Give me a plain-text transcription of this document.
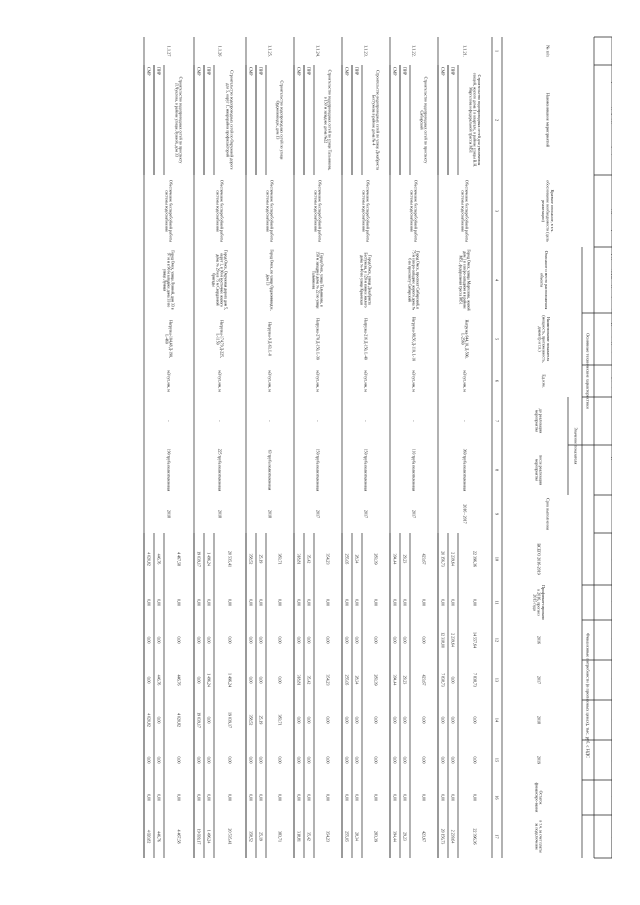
№ п/п
Наименование мероприятий
Краткое описание, в т.ч.обоснование необходимости (цельреализации)
Основные технические характеристики
Описание и место расположенияобъекта
Наименование показателя(мощность, протяженность,диаметр и т.п.)
Ед.изм.
Значение показателя
до реализациимероприятия
после реализациимероприятия
Срок выполнения
Финансовые потребности (в прогнозных ценах), тыс. руб. с НДС
ВСЕГО 2016-2019
Профинан-сированок 2016, прогноз2015 года
2016
2017
2018
2019
Остатокфинансиро-вания
в т.ч. за счет платыза подключение
1
2
3
4
5
6
7
8
9
10
11
12
13
14
15
16
17
1.1.21.
Строительство водопроводных сетей для увеличениясекций, жилого дома 1 в квартале, в районе улицы В.Н.Маргелова и федеральной трассы М51
Обеспечение бесперебойной работысистемы водоснабжения
Город Омск, улица Маргелова, жилойдом 1 в северо-западном и в районеМ51, федеральная трасса М51
Нагрузка-944,10, Д-500,L-2560
м3/сут, мм, м
-
360 труба полиэтиленовая
2016 - 2017
22 396,36
0,00
14 557,64
7 838,73
0,00
0,00
0,00
22 396,36
ПИР
2 239,64
0,00
2 239,64
0,00
0,00
0,00
0,00
2 239,64
СМР
20 156,73
0,00
12 318,00
7 838,73
0,00
0,00
0,00
20 156,73
1.1.22.
Строительство водопроводных сетей по проспектуСибирский
Обеспечение бесперебойной работысистемы водоснабжения
Город Омск, проспект Сибирский, в75 м северо-западнее жилого дома №6 по проспекту Сибирский
Нагрузка-98,56 Д-110, L-10
м3/сут, мм, м
-
110 труба полиэтиленовая
2017
423,67
0,00
0,00
423,67
0,00
0,00
0,00
423,67
ПИР
29,23
0,00
0,00
29,23
0,00
0,00
0,00
29,23
СМР
394,44
0,00
0,00
394,44
0,00
0,00
0,00
394,44
1.1.23.
Строительство водопроводных сетей по улице ДекабристаБестужева в районе дома № 4
Обеспечение бесперебойной работысистемы водоснабжения
Город Омск, улица ДекабристаБестужева, в 120 м южнее жилогодома № 40 по улице Крымская
Нагрузка-216 Д-150, L-40
м3/сут, мм, м
-
150 труба полиэтиленовая
2017
283,39
0,00
0,00
283,39
0,00
0,00
0,00
283,39
ПИР
28,34
0,00
0,00
28,34
0,00
0,00
0,00
28,34
СМР
255,05
0,00
0,00
255,05
0,00
0,00
0,00
255,05
1.1.24.
Строительство водопроводных сетей по улице Тальникова,в 150 м западнее дома №22
Обеспечение бесперебойной работысистемы водоснабжения
Город Омск, улица Тальникова, в150 м западнее дома № 22 по улицеТальникова
Нагрузка-270 Д-150, L-30
м3/сут, мм, м
-
150 труба полиэтиленовая
2017
354,23
0,00
0,00
354,23
0,00
0,00
0,00
354,23
ПИР
35,42
0,00
0,00
35,42
0,00
0,00
0,00
35,42
СМР
318,81
0,00
0,00
318,81
0,00
0,00
0,00
318,81
1.1.25.
Строительство водопроводных сетей по улицеОрджоникидзе, дом 13
Обеспечение бесперебойной работысистемы водоснабжения
Город Омск, по улице Орджоникидзе,дом 13
Нагрузка-9 Д-63, L-8
м3/сут, мм, м
-
63 труба полиэтиленовая
2018
383,71
0,00
0,00
0,00
383,71
0,00
0,00
383,71
ПИР
25,19
0,00
0,00
0,00
25,19
0,00
0,00
25,19
СМР
358,52
0,00
0,00
0,00
358,52
0,00
0,00
358,52
1.1.26
Строительство водопроводных сетей по Окружной дорогедля 5, округ 1, микрорайон профилакторий
Обеспечение бесперебойной работысистемы водоснабжения
Город Омск, Окружная дорога дом 5,округ 1, в 90 м восточнее жилогодома № 29 и в 75 м Свердловойбригады
Нагрузка-174,79 Д-225,L-1150
м3/сут, мм, м
-
225 труба полиэтиленовая
2018
20 535,41
0,00
0,00
1 496,24
19 039,17
0,00
0,00
20 535,41
ПИР
1 496,24
0,00
0,00
1 496,24
0,00
0,00
0,00
1 496,24
СМР
19 039,17
0,00
0,00
0,00
19 039,17
0,00
0,00
19 039,17
1.1.27
Строительство водопроводных сетей по проспектуЛ.Чуклова, в районе улицы Лунной, дом 33
Обеспечение бесперебойной работысистемы водоснабжения
Город Омск, улица Лунной, дом 33 в97 м и в 90 м западнее дома 33 поулице Лунная
Нагрузка-104,48 Д-190,L-460
м3/сут, мм, м
-
190 труба полиэтиленовая
2018
4 467,58
0,00
0,00
446,76
4 020,82
0,00
0,00
4 467,58
ПИР
446,76
0,00
0,00
446,76
0,00
0,00
0,00
446,76
СМР
4 020,82
0,00
0,00
0,00
4 020,82
0,00
0,00
4 020,82
